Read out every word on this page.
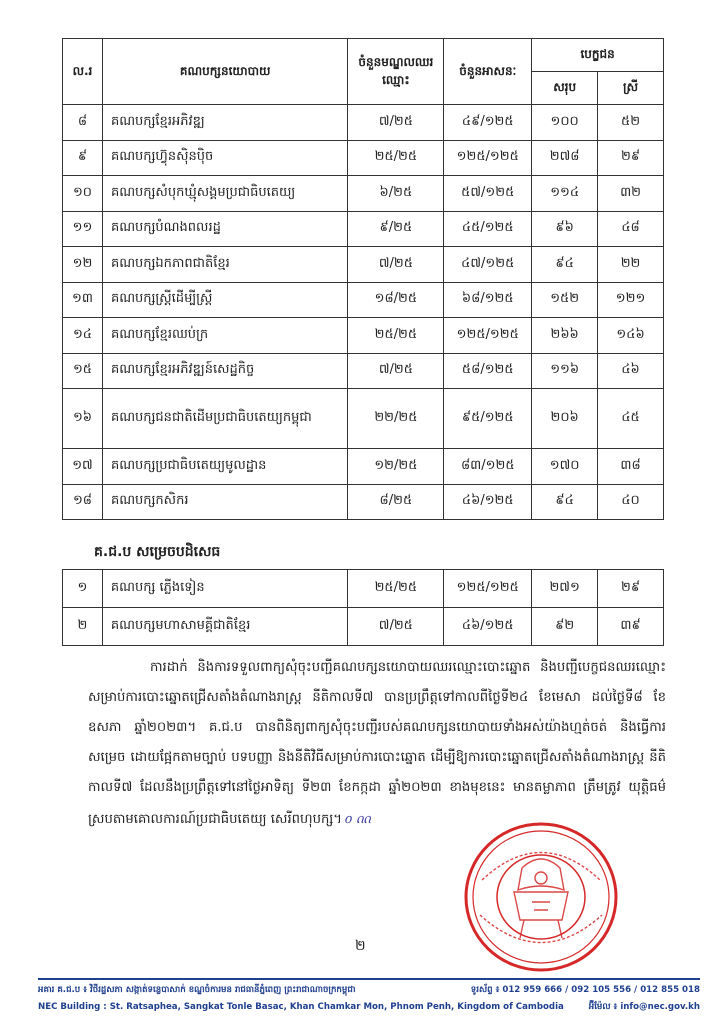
ល.រ	គណបក្សនយោបាយ	ចំនួនមណ្ឌលឈរឈ្មោះ	ចំនួនអាសនៈ	បេក្ខជន	
				សរុប	ស្រី
៨	គណបក្សខ្មែរអភិវឌ្ឍ	៧/២៥	៤៩/១២៥	១០០	៥២
៩	គណបក្សហ៊្វុនស៊ិនប៉ិច	២៥/២៥	១២៥/១២៥	២៧៨	២៩
១០	គណបក្សសំបុកឃ្មុំសង្គមប្រជាធិបតេយ្យ	៦/២៥	៥៧/១២៥	១១៤	៣២
១១	គណបក្សបំណងពលរដ្ឋ	៩/២៥	៤៥/១២៥	៩៦	៤៨
១២	គណបក្សឯកភាពជាតិខ្មែរ	៧/២៥	៤៧/១២៥	៩៤	២២
១៣	គណបក្សស្ត្រីដើម្បីស្ត្រី	១៨/២៥	៦៨/១២៥	១៥២	១២១
១៤	គណបក្សខ្មែរឈប់ក្រ	២៥/២៥	១២៥/១២៥	២៦៦	១៤៦
១៥	គណបក្សខ្មែរអភិវឌ្ឍន៍សេដ្ឋកិច្ច	៧/២៥	៥៨/១២៥	១១៦	៤៦
១៦	គណបក្សជនជាតិដើមប្រជាធិបតេយ្យកម្ពុជា	២២/២៥	៩៥/១២៥	២០៦	៤៥
១៧	គណបក្សប្រជាធិបតេយ្យមូលដ្ឋាន	១២/២៥	៨៣/១២៥	១៧០	៣៨
១៨	គណបក្សកសិករ	៨/២៥	៤៦/១២៥	៩៤	៤០
គ.ជ.ប សម្រេចបដិសេធ
១	គណបក្ស ភ្លើងទៀន	២៥/២៥	១២៥/១២៥	២៧១	២៩
២	គណបក្សមហាសាមគ្គីជាតិខ្មែរ	៧/២៥	៤៦/១២៥	៩២	៣៩

ការដាក់ និងការទទួលពាក្យសុំចុះបញ្ជីគណបក្សនយោបាយឈរឈ្មោះបោះឆ្នោត និងបញ្ជីបេក្ខជនឈរឈ្មោះ សម្រាប់ការបោះឆ្នោតជ្រើសតាំងតំណាងរាស្ត្រ នីតិកាលទី៧ បានប្រព្រឹត្តទៅកាលពីថ្ងៃទី២៤ ខែមេសា ដល់ថ្ងៃទី៨ ខែឧសភា ឆ្នាំ២០២៣។ គ.ជ.ប បានពិនិត្យពាក្យសុំចុះបញ្ជីរបស់គណបក្សនយោបាយទាំងអស់យ៉ាងហ្មត់ចត់ និងធ្វើការសម្រេច ដោយផ្អែកតាមច្បាប់ បទបញ្ញា និងនីតិវិធីសម្រាប់ការបោះឆ្នោត ដើម្បីឱ្យការបោះឆ្នោតជ្រើសតាំងតំណាងរាស្ត្រ នីតិកាលទី៧ ដែលនឹងប្រព្រឹត្តទៅនៅថ្ងៃអាទិត្យ ទី២៣ ខែកក្កដា ឆ្នាំ២០២៣ ខាងមុខនេះ មានតម្លាភាព ត្រឹមត្រូវ យុត្តិធម៌ ស្របតាមគោលការណ៍ប្រជាធិបតេយ្យ សេរីពហុបក្ស។ ᦞ ᦶ

២
អគារ គ.ជ.ប ៖ វិថីរដ្ឋសភា សង្កាត់ទន្លេបាសាក់ ខណ្ឌចំការមន រាជធានីភ្នំពេញ ព្រះរាជាណាចក្រកម្ពុជា	ទូរស័ព្ទ ៖ 012 959 666 / 092 105 556 / 012 855 018
NEC Building : St. Ratsaphea, Sangkat Tonle Basac, Khan Chamkar Mon, Phnom Penh, Kingdom of Cambodia	អ៊ីម៉ែល ៖ info@nec.gov.kh
